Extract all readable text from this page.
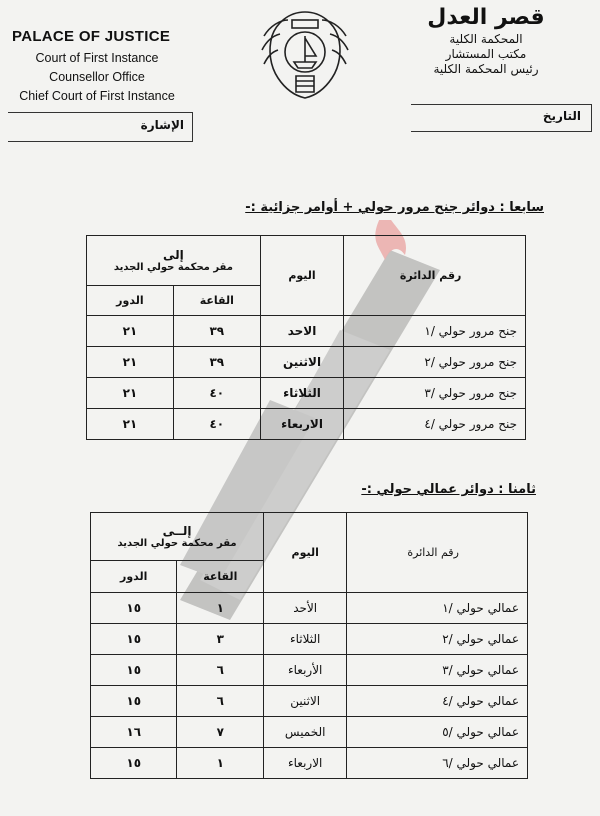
PALACE OF JUSTICE
Court of First Instance
Counsellor Office
Chief Court of First Instance
الإشارة
قصر العدل
المحكمة الكلية
مكتب المستشار
رئيس المحكمة الكلية
التاريخ
سابعا : دوائر جنح مرور حولي + أوامر جزائية :-
رقم الدائرة	اليوم	إلى
مقر محكمة حولي الجديد	

		القاعة	الدور
جنح مرور حولي /١	الاحد	٣٩	٢١
جنح مرور حولي /٢	الاثنين	٣٩	٢١
جنح مرور حولي /٣	الثلاثاء	٤٠	٢١
جنح مرور حولي /٤	الاربعاء	٤٠	٢١
ثامنا : دوائر عمالي حولي :-
رقم الدائرة	اليوم	إلــى
مقر محكمة حولي الجديد	

		القاعة	الدور
عمالي حولي /١	الأحد	١	١٥
عمالي حولي /٢	الثلاثاء	٣	١٥
عمالي حولي /٣	الأربعاء	٦	١٥
عمالي حولي /٤	الاثنين	٦	١٥
عمالي حولي /٥	الخميس	٧	١٦
عمالي حولي /٦	الاربعاء	١	١٥
